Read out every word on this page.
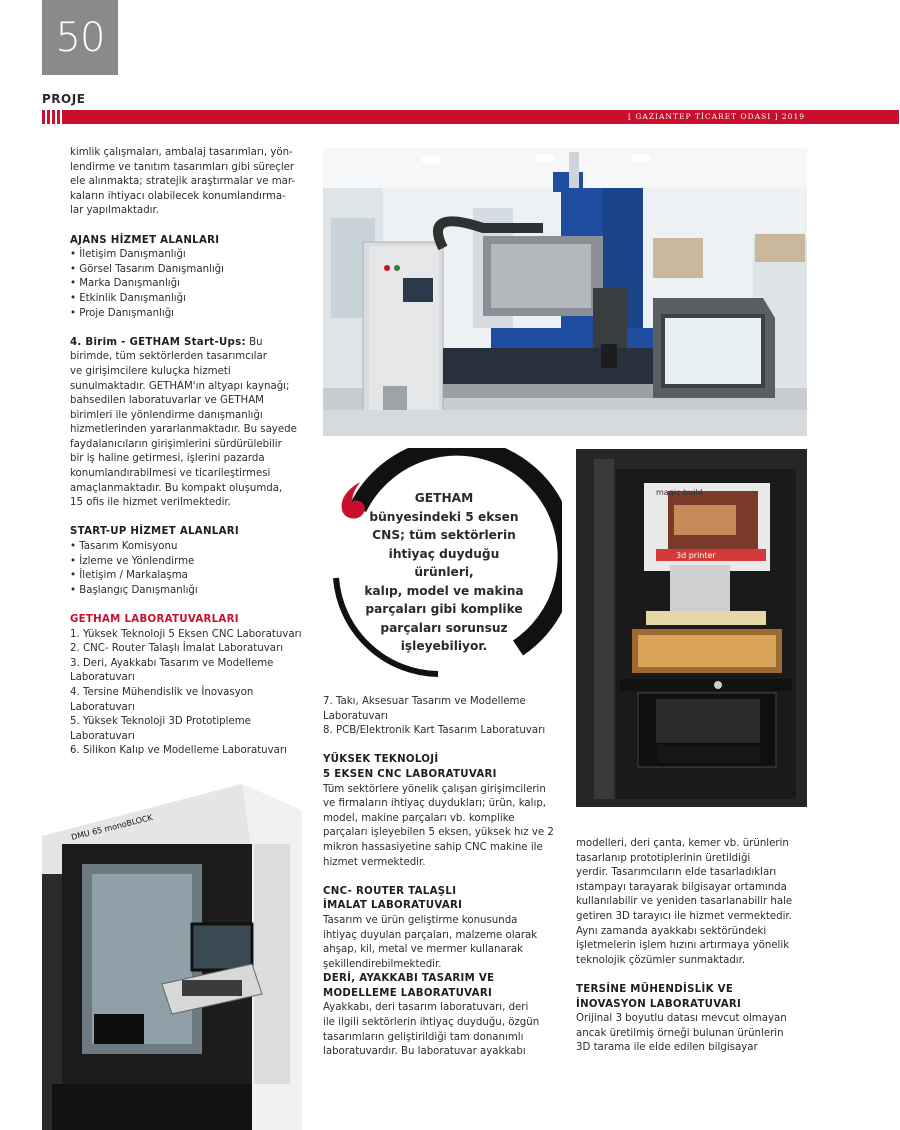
50
PROJE
[ GAZIANTEP TİCARET ODASI ] 2019

kimlik çalışmaları, ambalaj tasarımları, yön-

lendirme ve tanıtım tasarımları gibi süreçler

ele alınmakta; stratejik araştırmalar ve mar-

kaların ihtiyacı olabilecek konumlandırma-

lar yapılmaktadır.

AJANS HİZMET ALANLARI

• İletişim Danışmanlığı

• Görsel Tasarım Danışmanlığı

• Marka Danışmanlığı

• Etkinlik Danışmanlığı

• Proje Danışmanlığı

4. Birim - GETHAM Start-Ups: Bu

birimde, tüm sektörlerden tasarımcılar

ve girişimcilere kuluçka hizmeti

sunulmaktadır. GETHAM'ın altyapı kaynağı;

bahsedilen laboratuvarlar ve GETHAM

birimleri ile yönlendirme danışmanlığı

hizmetlerinden yararlanmaktadır. Bu sayede

faydalanıcıların girişimlerini sürdürülebilir

bir iş haline getirmesi, işlerini pazarda

konumlandırabilmesi ve ticarileştirmesi

amaçlanmaktadır. Bu kompakt oluşumda,

15 ofis ile hizmet verilmektedir.

START-UP HİZMET ALANLARI

• Tasarım Komisyonu

• İzleme ve Yönlendirme

• İletişim / Markalaşma

• Başlangıç Danışmanlığı

GETHAM LABORATUVARLARI

1. Yüksek Teknoloji 5 Eksen CNC Laboratuvarı

2. CNC- Router Talaşlı İmalat Laboratuvarı

3. Deri, Ayakkabı Tasarım ve Modelleme

Laboratuvarı

4. Tersine Mühendislik ve İnovasyon

Laboratuvarı

5. Yüksek Teknoloji 3D Prototipleme

Laboratuvarı

6. Silikon Kalıp ve Modelleme Laboratuvarı

GETHAM
bünyesindeki 5 eksen
CNS; tüm sektörlerin
ihtiyaç duyduğu ürünleri,
kalıp, model ve makina
parçaları gibi komplike
parçaları sorunsuz
işleyebiliyor.
magic build
3d printer
DMU 65 monoBLOCK

7. Takı, Aksesuar Tasarım ve Modelleme

Laboratuvarı

8. PCB/Elektronik Kart Tasarım Laboratuvarı

YÜKSEK TEKNOLOJİ

5 EKSEN CNC LABORATUVARI

Tüm sektörlere yönelik çalışan girişimcilerin

ve firmaların ihtiyaç duydukları; ürün, kalıp,

model, makine parçaları vb. komplike

parçaları işleyebilen 5 eksen, yüksek hız ve 2

mikron hassasiyetine sahip CNC makine ile

hizmet vermektedir.

CNC- ROUTER TALAŞLI

İMALAT LABORATUVARI

Tasarım ve ürün geliştirme konusunda

ihtiyaç duyulan parçaları, malzeme olarak

ahşap, kil, metal ve mermer kullanarak

şekillendirebilmektedir.

DERİ, AYAKKABI TASARIM VE

MODELLEME LABORATUVARI

Ayakkabı, deri tasarım laboratuvarı, deri

ile ilgili sektörlerin ihtiyaç duyduğu, özgün

tasarımların geliştirildiği tam donanımlı

laboratuvardır. Bu laboratuvar ayakkabı

modelleri, deri çanta, kemer vb. ürünlerin

tasarlanıp prototiplerinin üretildiği

yerdir. Tasarımcıların elde tasarladıkları

ıstampayı tarayarak bilgisayar ortamında

kullanılabilir ve yeniden tasarlanabilir hale

getiren 3D tarayıcı ile hizmet vermektedir.

Aynı zamanda ayakkabı sektöründeki

işletmelerin işlem hızını artırmaya yönelik

teknolojik çözümler sunmaktadır.

TERSİNE MÜHENDİSLİK VE

İNOVASYON LABORATUVARI

Orijinal 3 boyutlu datası mevcut olmayan

ancak üretilmiş örneği bulunan ürünlerin

3D tarama ile elde edilen bilgisayar
